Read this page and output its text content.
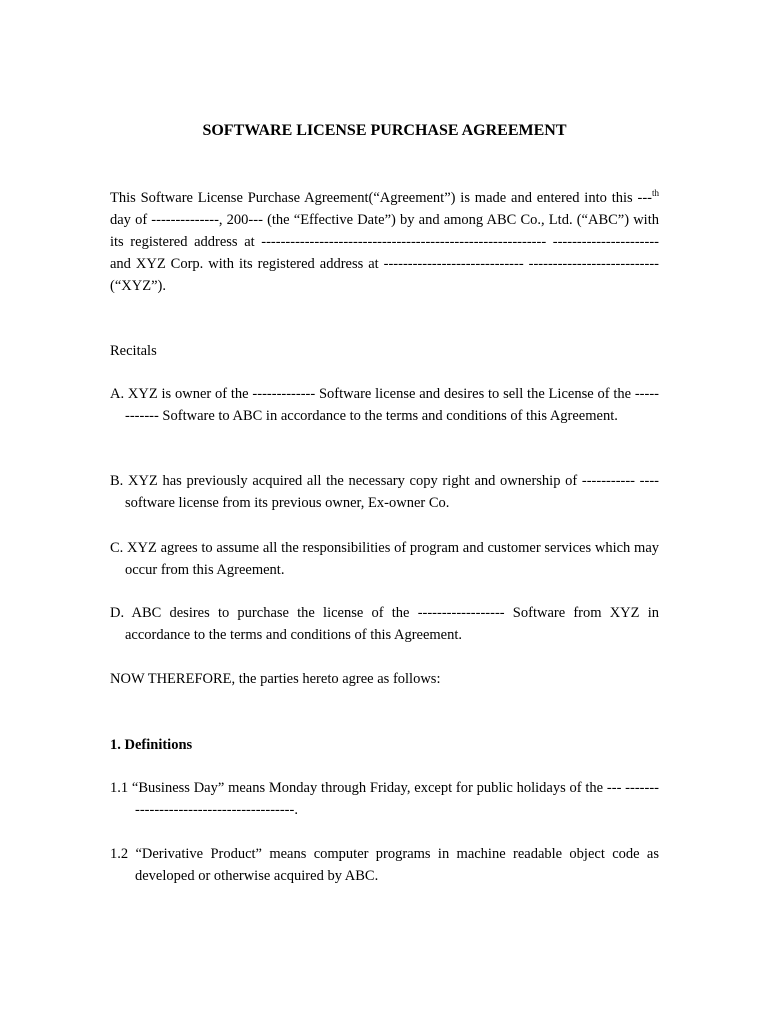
SOFTWARE LICENSE PURCHASE AGREEMENT

This Software License Purchase Agreement(“Agreement”) is made and entered into this ---$^{th}$ day of --------------, 200--- (the “Effective Date”) by and among ABC Co., Ltd. (“ABC”) with its registered address at ----------------------------------------------------------- ---------------------- and XYZ Corp. with its registered address at ----------------------------- ---------------------------(“XYZ”).

Recitals

A. XYZ is owner of the ------------- Software license and desires to sell the License of the ------------ Software to ABC in accordance to the terms and conditions of this Agreement.

B. XYZ has previously acquired all the necessary copy right and ownership of ----------- ---- software license from its previous owner, Ex-owner Co.

C. XYZ agrees to assume all the responsibilities of program and customer services which may occur from this Agreement.

D. ABC desires to purchase the license of the ------------------ Software from XYZ in accordance to the terms and conditions of this Agreement.

NOW THEREFORE, the parties hereto agree as follows:

1. Definitions

1.1 “Business Day” means Monday through Friday, except for public holidays of the --- ----------------------------------------.

1.2 “Derivative Product” means computer programs in machine readable object code as developed or otherwise acquired by ABC.
